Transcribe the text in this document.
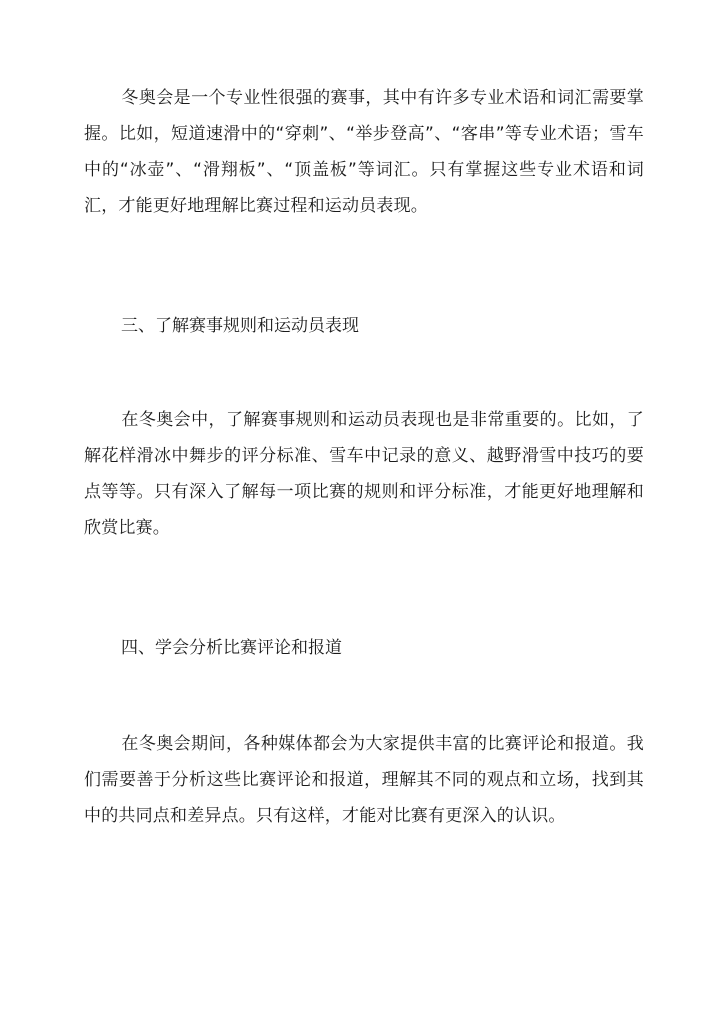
冬奥会是一个专业性很强的赛事，其中有许多专业术语和词汇需要掌握。比如，短道速滑中的“穿刺”、“举步登高”、“客串”等专业术语；雪车中的“冰壶”、“滑翔板”、“顶盖板”等词汇。只有掌握这些专业术语和词汇，才能更好地理解比赛过程和运动员表现。

三、了解赛事规则和运动员表现

在冬奥会中，了解赛事规则和运动员表现也是非常重要的。比如，了解花样滑冰中舞步的评分标准、雪车中记录的意义、越野滑雪中技巧的要点等等。只有深入了解每一项比赛的规则和评分标准，才能更好地理解和欣赏比赛。

四、学会分析比赛评论和报道

在冬奥会期间，各种媒体都会为大家提供丰富的比赛评论和报道。我们需要善于分析这些比赛评论和报道，理解其不同的观点和立场，找到其中的共同点和差异点。只有这样，才能对比赛有更深入的认识。
